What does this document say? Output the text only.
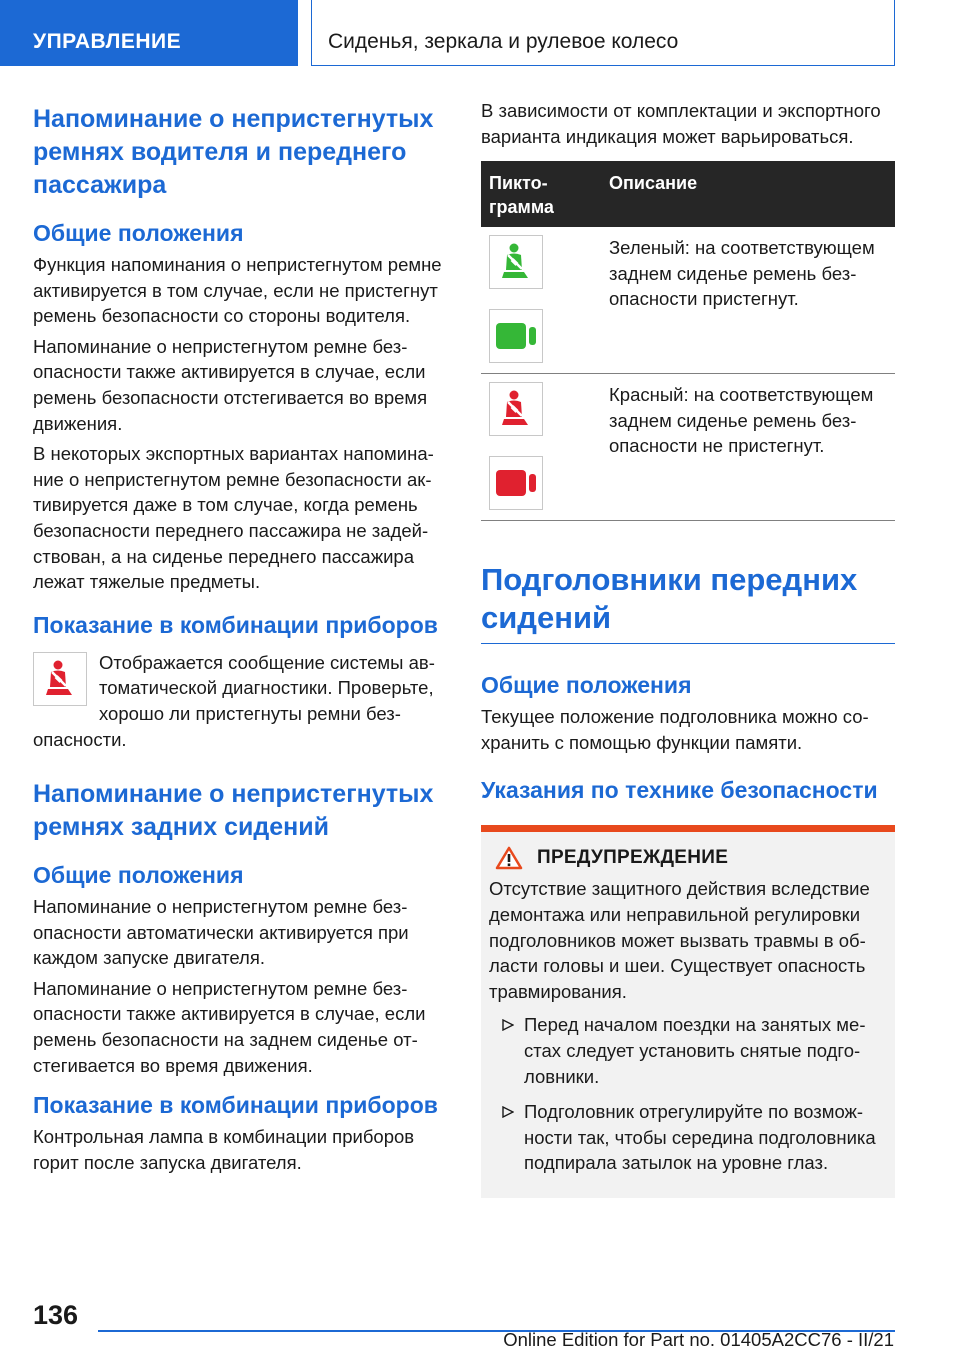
УПРАВЛЕНИЕ	Сиденья, зеркала и рулевое колесо
Напоминание о непристегнутых ремнях водителя и переднего пассажира
Общие положения

Функция напоминания о непристегнутом ремне активируется в том случае, если не пристегнут ремень безопасности со стороны водителя.

Напоминание о непристегнутом ремне безопасности также активируется в случае, если ремень безопасности отстегивается во время движения.

В некоторых экспортных вариантах напоминание о непристегнутом ремне безопасности активируется даже в том случае, когда ремень безопасности переднего пассажира не задействован, а на сиденье переднего пассажира лежат тяжелые предметы.

Показание в комбинации приборов

Отображается сообщение системы автоматической диагностики. Проверьте, хорошо ли пристегнуты ремни безопасности.

Напоминание о непристегнутых ремнях задних сидений
Общие положения

Напоминание о непристегнутом ремне безопасности автоматически активируется при каждом запуске двигателя.

Напоминание о непристегнутом ремне безопасности также активируется в случае, если ремень безопасности на заднем сиденье отстегивается во время движения.

Показание в комбинации приборов

Контрольная лампа в комбинации приборов горит после запуска двигателя.

В зависимости от комплектации и экспортного варианта индикация может варьироваться.

Пиктограмма	Описание

	Зеленый: на соответствующем заднем сиденье ремень безопасности пристегнут.

	Красный: на соответствующем заднем сиденье ремень безопасности не пристегнут.
Подголовники передних сидений
Общие положения

Текущее положение подголовника можно сохранить с помощью функции памяти.

Указания по технике безопасности
ПРЕДУПРЕЖДЕНИЕ

Отсутствие защитного действия вследствие демонтажа или неправильной регулировки подголовников может вызвать травмы в области головы и шеи. Существует опасность травмирования.

Перед началом поездки на занятых местах следует установить снятые подголовники.
Подголовник отрегулируйте по возможности так, чтобы середина подголовника подпирала затылок на уровне глаз.
136
Online Edition for Part no. 01405A2CC76 - II/21
